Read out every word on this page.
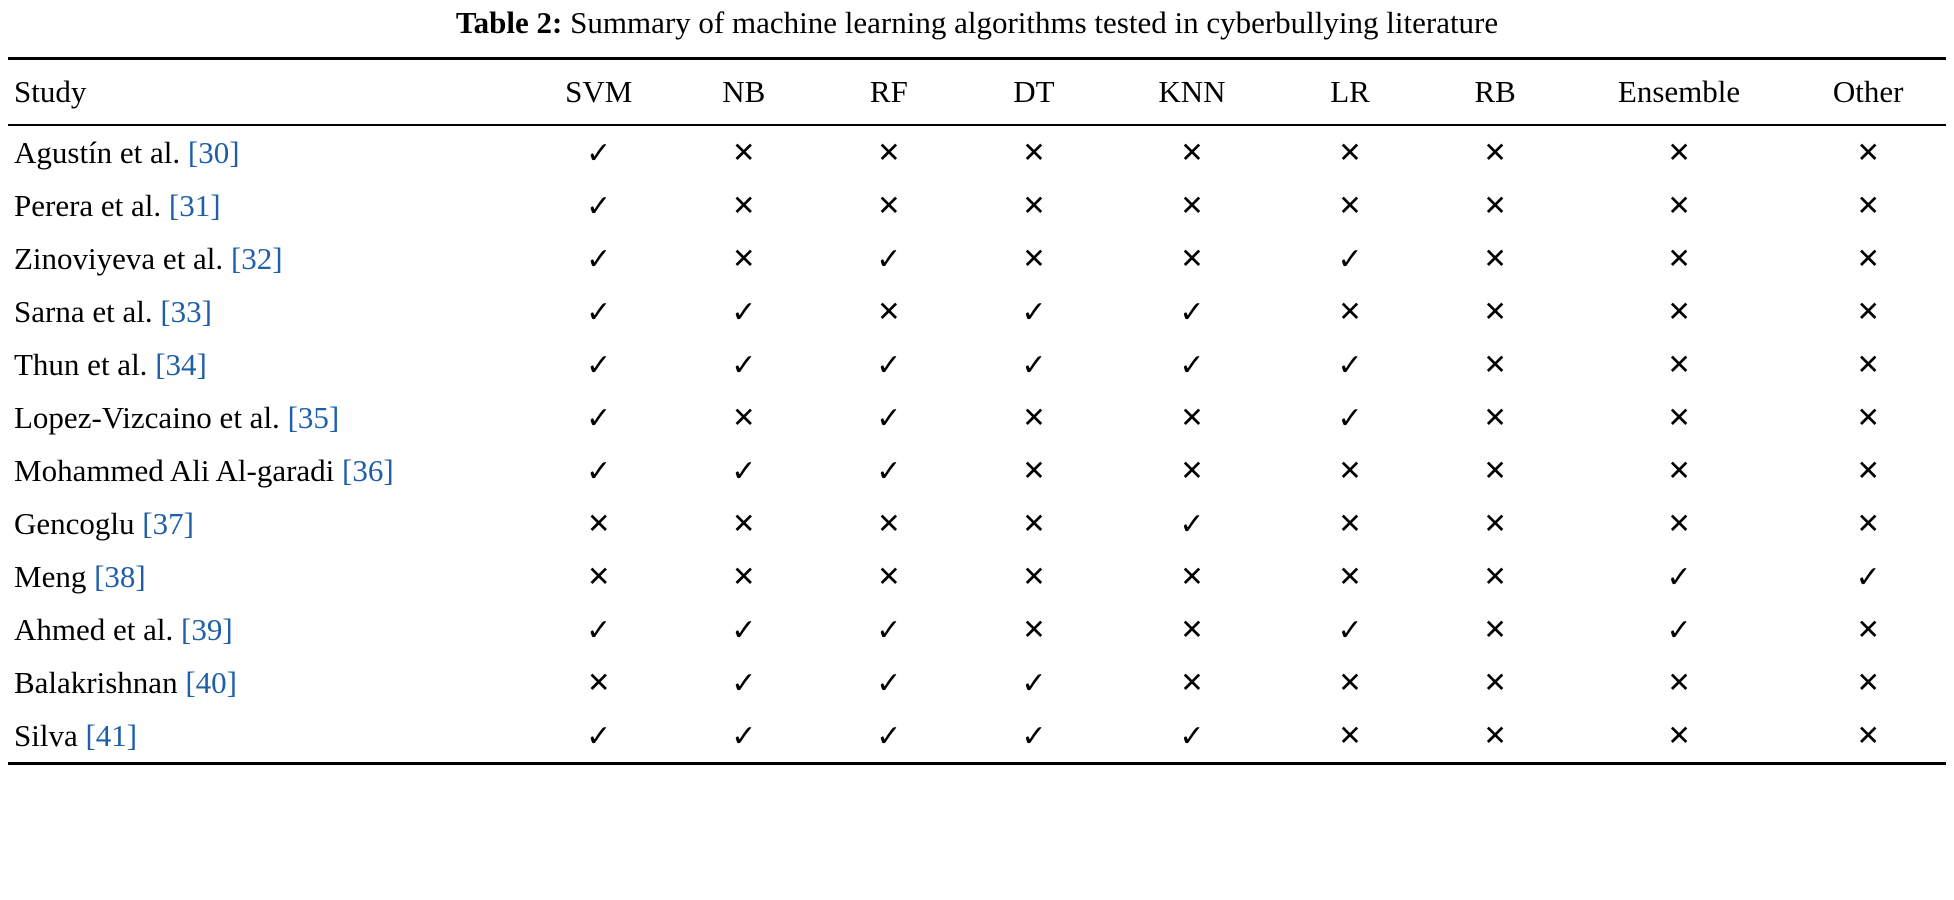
Table 2: Summary of machine learning algorithms tested in cyberbullying literature
Study	SVM	NB	RF	DT	KNN	LR	RB	Ensemble	Other
Agustín et al. [30]	✓	✕	✕	✕	✕	✕	✕	✕	✕
Perera et al. [31]	✓	✕	✕	✕	✕	✕	✕	✕	✕
Zinoviyeva et al. [32]	✓	✕	✓	✕	✕	✓	✕	✕	✕
Sarna et al. [33]	✓	✓	✕	✓	✓	✕	✕	✕	✕
Thun et al. [34]	✓	✓	✓	✓	✓	✓	✕	✕	✕
Lopez-Vizcaino et al. [35]	✓	✕	✓	✕	✕	✓	✕	✕	✕
Mohammed Ali Al-garadi [36]	✓	✓	✓	✕	✕	✕	✕	✕	✕
Gencoglu [37]	✕	✕	✕	✕	✓	✕	✕	✕	✕
Meng [38]	✕	✕	✕	✕	✕	✕	✕	✓	✓
Ahmed et al. [39]	✓	✓	✓	✕	✕	✓	✕	✓	✕
Balakrishnan [40]	✕	✓	✓	✓	✕	✕	✕	✕	✕
Silva [41]	✓	✓	✓	✓	✓	✕	✕	✕	✕
